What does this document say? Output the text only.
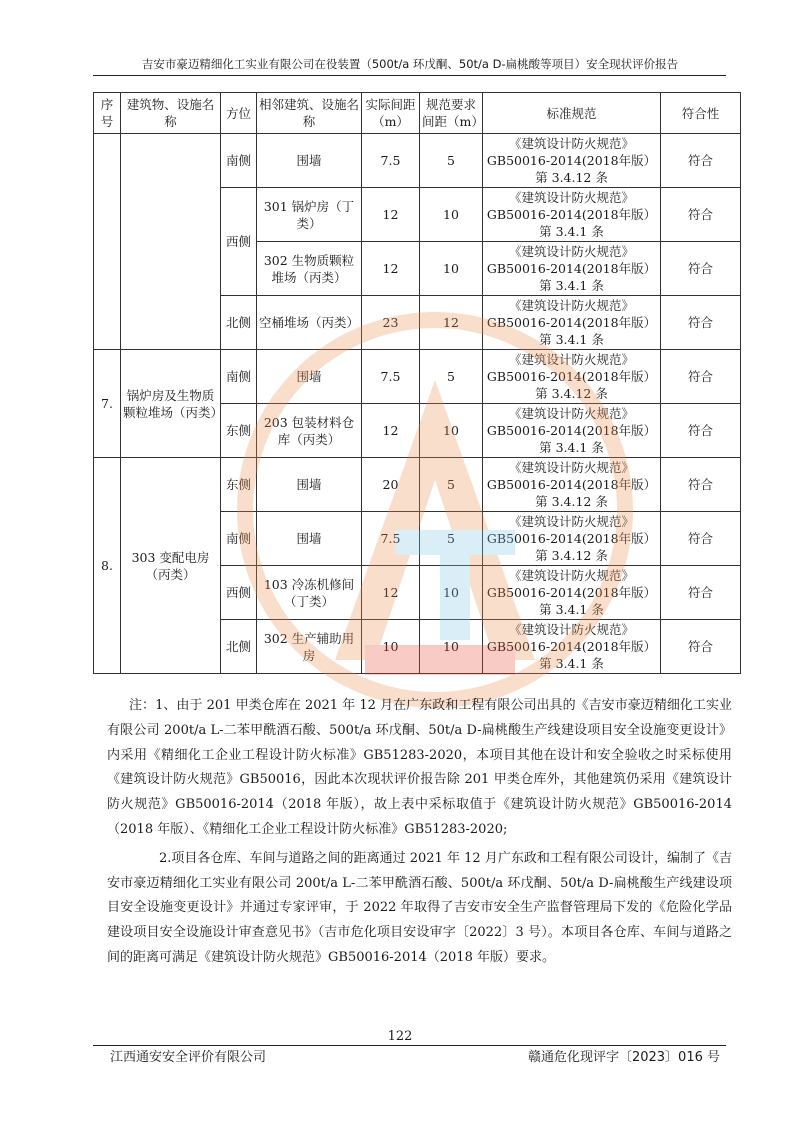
吉安市豪迈精细化工实业有限公司在役装置（500t/a 环戊酮、50t/a D-扁桃酸等项目）安全现状评价报告
序号	建筑物、设施名称	方位	相邻建筑、设施名称	实际间距（m）	规范要求间距（m）	标准规范	符合性
		南侧	围墙	7.5	5	《建筑设计防火规范》GB50016-2014(2018年版）第 3.4.12 条	符合
		西侧	301 锅炉房（丁类）	12	10	《建筑设计防火规范》GB50016-2014(2018年版）第 3.4.1 条	符合
			302 生物质颗粒堆场（丙类）	12	10	《建筑设计防火规范》GB50016-2014(2018年版）第 3.4.1 条	符合
		北侧	空桶堆场（丙类）	23	12	《建筑设计防火规范》GB50016-2014(2018年版）第 3.4.1 条	符合
7.	锅炉房及生物质颗粒堆场（丙类）	南侧	围墙	7.5	5	《建筑设计防火规范》GB50016-2014(2018年版）第 3.4.12 条	符合
		东侧	203 包装材料仓库（丙类）	12	10	《建筑设计防火规范》GB50016-2014(2018年版）第 3.4.1 条	符合
8.	303 变配电房（丙类）	东侧	围墙	20	5	《建筑设计防火规范》GB50016-2014(2018年版）第 3.4.12 条	符合
		南侧	围墙	7.5	5	《建筑设计防火规范》GB50016-2014(2018年版）第 3.4.12 条	符合
		西侧	103 冷冻机修间（丁类）	12	10	《建筑设计防火规范》GB50016-2014(2018年版）第 3.4.1 条	符合
		北侧	302 生产辅助用房	10	10	《建筑设计防火规范》GB50016-2014(2018年版）第 3.4.1 条	符合

注：1、由于 201 甲类仓库在 2021 年 12 月在广东政和工程有限公司出具的《吉安市豪迈精细化工实业有限公司 200t/a L-二苯甲酰酒石酸、500t/a 环戊酮、50t/a D-扁桃酸生产线建设项目安全设施变更设计》内采用《精细化工企业工程设计防火标准》GB51283-2020，本项目其他在设计和安全验收之时采标使用《建筑设计防火规范》GB50016，因此本次现状评价报告除 201 甲类仓库外，其他建筑仍采用《建筑设计防火规范》GB50016-2014（2018 年版），故上表中采标取值于《建筑设计防火规范》GB50016-2014（2018 年版）、《精细化工企业工程设计防火标准》GB51283-2020;

2.项目各仓库、车间与道路之间的距离通过 2021 年 12 月广东政和工程有限公司设计，编制了《吉安市豪迈精细化工实业有限公司 200t/a L-二苯甲酰酒石酸、500t/a 环戊酮、50t/a D-扁桃酸生产线建设项目安全设施变更设计》并通过专家评审，于 2022 年取得了吉安市安全生产监督管理局下发的《危险化学品建设项目安全设施设计审查意见书》（吉市危化项目安设审字〔2022〕3 号）。本项目各仓库、车间与道路之间的距离可满足《建筑设计防火规范》GB50016-2014（2018 年版）要求。

122
江西通安安全评价有限公司	赣通危化现评字〔2023〕016 号
